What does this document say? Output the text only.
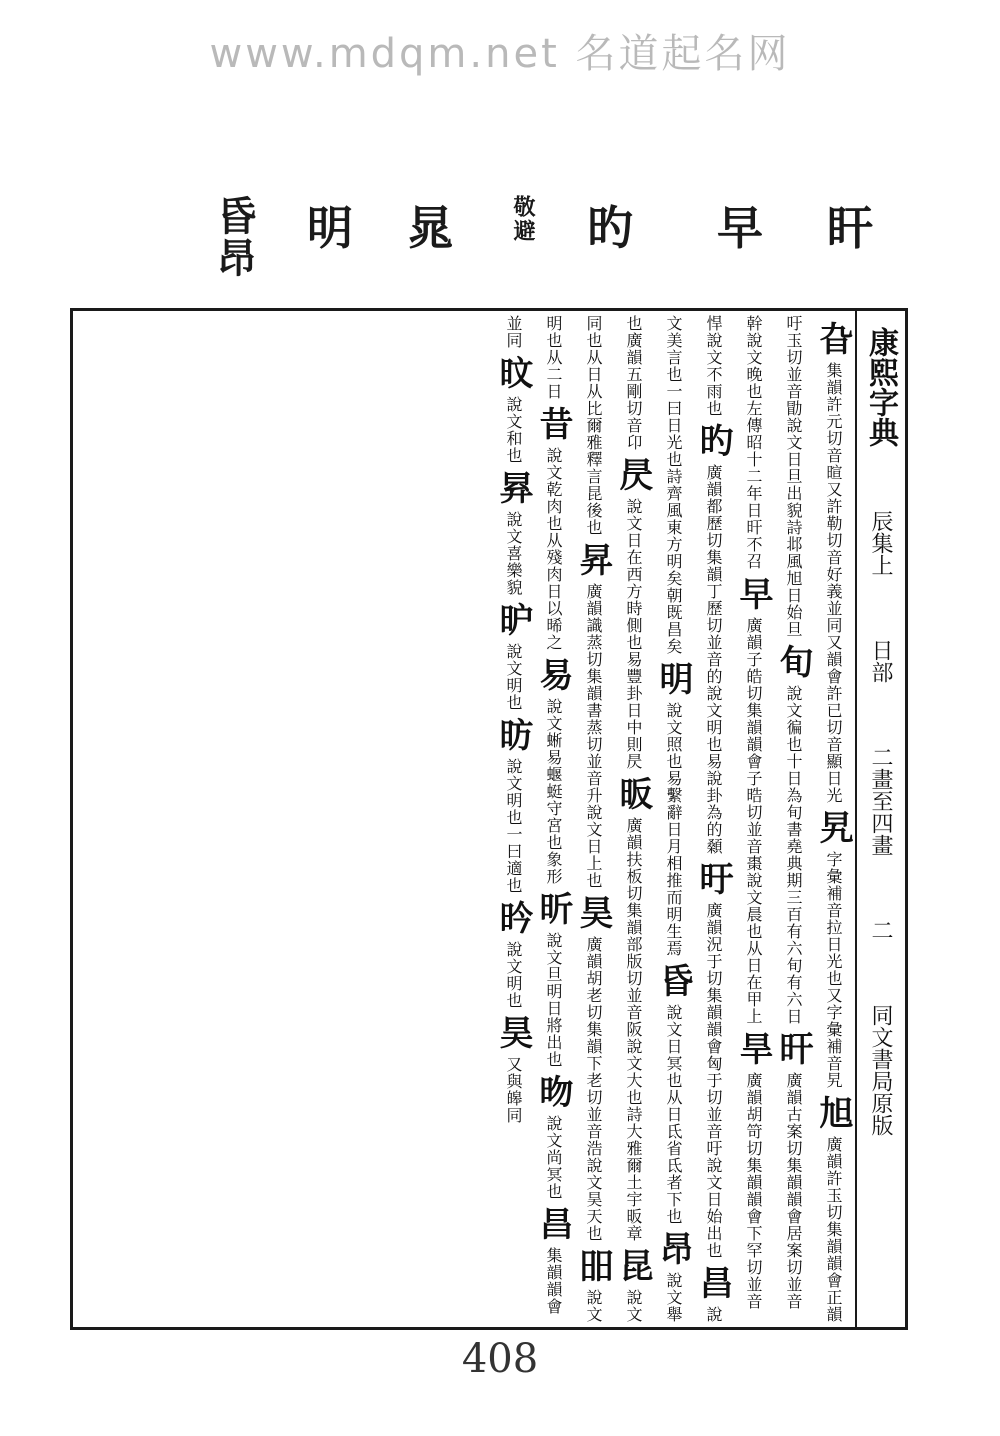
www.mdqm.net 名道起名网
盰
早
旳
敬避
晁
明
昏昂
康熙字典 辰集上 日部 二畫至四畫 二 同文書局原版
旮集韻許元切音暄又許勒切音好義並同又韻會許已切音顯日光旯字彙補音拉日光也又字彙補音旯旭廣韻許玉切集韻韻會正韻吁玉切並音勖說文日旦出貌詩邶風旭日始旦旬說文徧也十日為旬書堯典期三百有六旬有六日旰廣韻古案切集韻韻會居案切並音幹說文晚也左傳昭十二年日旰不召早廣韻子皓切集韻韻會子晧切並音棗說文晨也从日在甲上旱廣韻胡笴切集韻韻會下罕切並音悍說文不雨也旳廣韻都歷切集韻丁歷切並音的說文明也易說卦為的顙旴廣韻況于切集韻韻會匈于切並音吁說文日始出也昌說文美言也一曰日光也詩齊風東方明矣朝既昌矣明說文照也易繫辭日月相推而明生焉昏說文日冥也从日氐省氐者下也昂說文舉也廣韻五剛切音卬昃說文日在西方時側也易豐卦日中則昃昄廣韻扶板切集韻部版切並音阪說文大也詩大雅爾土宇昄章昆說文同也从日从比爾雅釋言昆後也昇廣韻識蒸切集韻書蒸切並音升說文日上也昊廣韻胡老切集韻下老切並音浩說文昊天也昍說文明也从二日昔說文乾肉也从殘肉日以晞之易說文蜥易蝘蜓守宮也象形昕說文旦明日將出也昒說文尚冥也昌集韻韻會並同旼說文和也昪說文喜樂貌昈說文明也昉說文明也一曰適也昑說文明也昊又與皞同
408
